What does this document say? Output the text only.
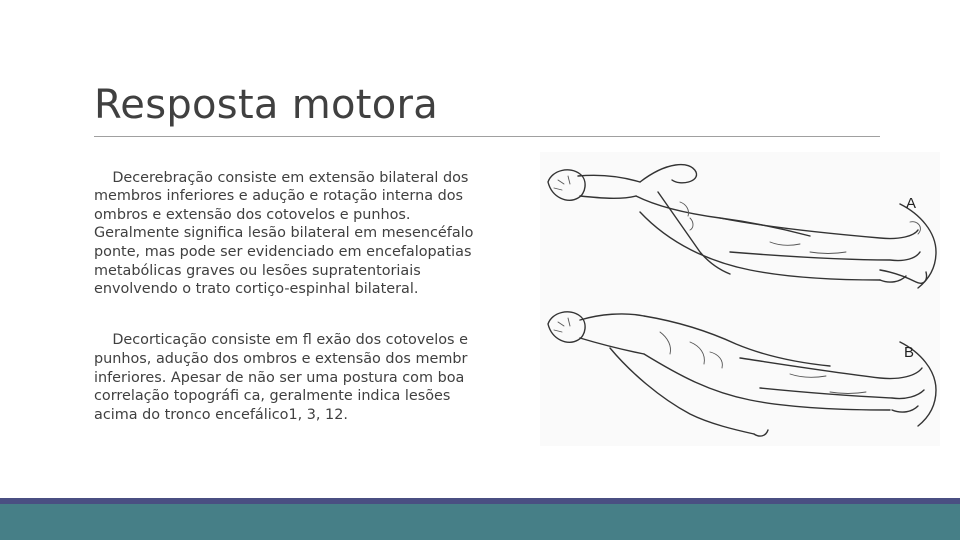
Resposta motora

Decerebração consiste em extensão bilateral dos
membros inferiores e adução e rotação interna dos
ombros e extensão dos cotovelos e punhos.
Geralmente significa lesão bilateral em mesencéfalo
ponte, mas pode ser evidenciado em encefalopatias
metabólicas graves ou lesões supratentoriais
envolvendo o trato cortiço-espinhal bilateral.

Decorticação consiste em fl exão dos cotovelos e
punhos, adução dos ombros e extensão dos membr
inferiores. Apesar de não ser uma postura com boa
correlação topográfi ca, geralmente indica lesões
acima do tronco encefálico1, 3, 12.

A
B
